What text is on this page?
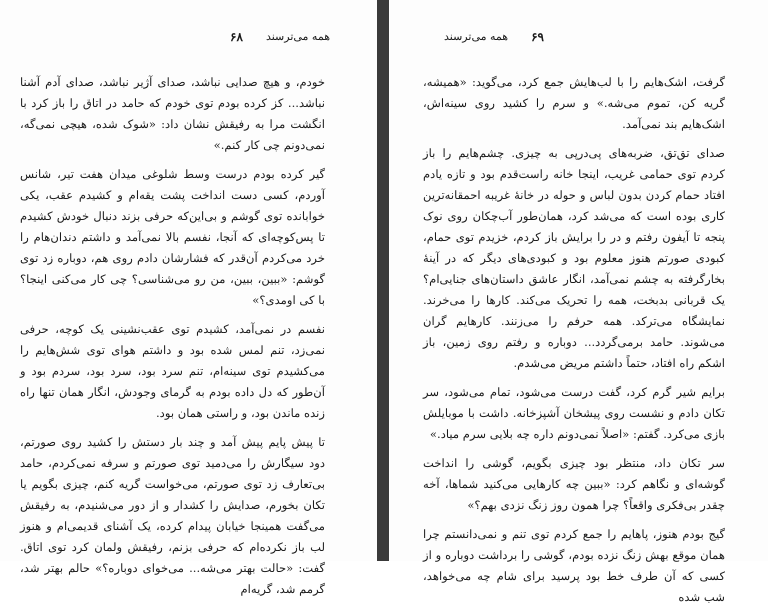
۶۸ همه می‌ترسند

خودم، و هیچ صدایی نباشد، صدای آژیر نباشد، صدای آدم آشنا نباشد... کز کرده بودم توی خودم که حامد در اتاق را باز کرد با انگشت مرا به رفیقش نشان داد: «شوک شده، هیچی نمی‌گه، نمی‌دونم چی کار کنم.»

گیر کرده بودم درست وسط شلوغی میدان هفت تیر، شانس آوردم، کسی دست انداخت پشت یقه‌ام و کشیدم عقب، یکی خوابانده توی گوشم و بی‌این‌که حرفی بزند دنبال خودش کشیدم تا پس‌کوچه‌ای که آنجا، نفسم بالا نمی‌آمد و داشتم دندان‌هام را خرد می‌کردم آن‌قدر که فشارشان دادم روی هم، دوباره زد توی گوشم: «ببین، ببین، من رو می‌شناسی؟ چی کار می‌کنی اینجا؟ با کی اومدی؟»

نفسم در نمی‌آمد، کشیدم توی عقب‌نشینی یک کوچه، حرفی نمی‌زد، تنم لمس شده بود و داشتم هوای توی شش‌هایم را می‌کشیدم توی سینه‌ام، تنم سرد بود، سرد بود، سردم بود و آن‌طور که دل داده بودم به گرمای وجودش، انگار همان تنها راه زنده ماندن بود، و راستی همان بود.

تا پیش پایم پیش آمد و چند بار دستش را کشید روی صورتم، دود سیگارش را می‌دمید توی صورتم و سرفه نمی‌کردم، حامد بی‌تعارف زد توی صورتم، می‌خواست گریه کنم، چیزی بگویم یا تکان بخورم، صدایش را کشدار و از دور می‌شنیدم، به رفیقش می‌گفت همینجا خیابان پیدام کرده، یک آشنای قدیمی‌ام و هنوز لب باز نکرده‌ام که حرفی بزنم، رفیقش ولمان کرد توی اتاق. گفت: «حالت بهتر می‌شه... می‌خوای دوباره؟» حالم بهتر شد، گرمم شد، گریه‌ام

۶۹
همه می‌ترسند

گرفت، اشک‌هایم را با لب‌هایش جمع کرد، می‌گوید: «همیشه، گریه کن، تموم می‌شه.» و سرم را کشید روی سینه‌اش، اشک‌هایم بند نمی‌آمد.

صدای تق‌تق، ضربه‌های پی‌درپی به چیزی. چشم‌هایم را باز کردم توی حمامی غریب، اینجا خانه راست‌قدم بود و تازه یادم افتاد حمام کردن بدون لباس و حوله در خانهٔ غریبه احمقانه‌ترین کاری بوده است که می‌شد کرد، همان‌طور آب‌چکان روی نوک پنجه تا آیفون رفتم و در را برایش باز کردم، خزیدم توی حمام، کبودی صورتم هنوز معلوم بود و کبودی‌های دیگر که در آینهٔ بخارگرفته به چشم نمی‌آمد، انگار عاشق داستان‌های جنایی‌ام؟ یک قربانی بدبخت، همه را تحریک می‌کند. کارها را می‌خرند. نمایشگاه می‌ترکد. همه حرفم را می‌زنند. کارهایم گران می‌شوند. حامد برمی‌گردد... دوباره و رفتم روی زمین، باز اشکم راه افتاد، حتماً داشتم مریض می‌شدم.

برایم شیر گرم کرد، گفت درست می‌شود، تمام می‌شود، سر تکان دادم و نشست روی پیشخان آشپزخانه. داشت با موبایلش بازی می‌کرد. گفتم: «اصلاً نمی‌دونم داره چه بلایی سرم میاد.»

سر تکان داد، منتظر بود چیزی بگویم، گوشی را انداخت گوشه‌ای و نگاهم کرد: «ببین چه کارهایی می‌کنید شماها، آخه چقدر بی‌فکری واقعاً؟ چرا همون روز زنگ نزدی بهم؟»

گیج بودم هنوز، پاهایم را جمع کردم توی تنم و نمی‌دانستم چرا همان موقع بهش زنگ نزده بودم، گوشی را برداشت دوباره و از کسی که آن طرف خط بود پرسید برای شام چه می‌خواهد، شب شده
